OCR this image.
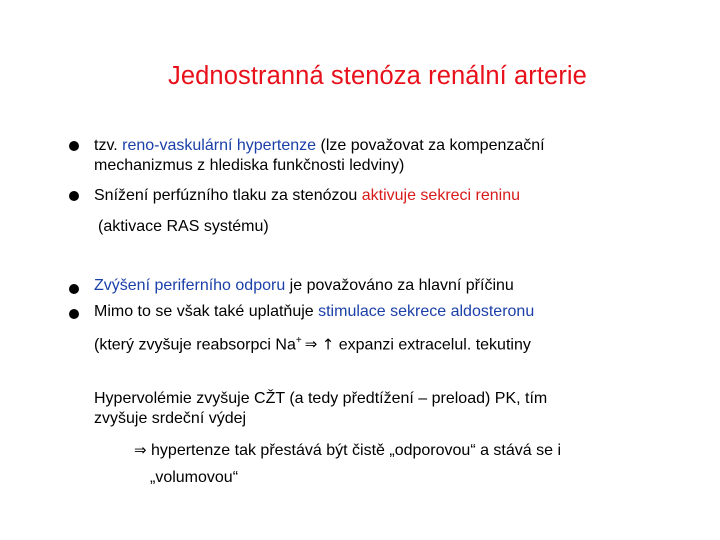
Jednostranná stenóza renální arterie
tzv. reno-vaskulární hypertenze (lze považovat za kompenzační
mechanizmus z hlediska funkčnosti ledviny)
Snížení perfúzního tlaku za stenózou aktivuje sekreci reninu
(aktivace RAS systému)
Zvýšení periferního odporu je považováno za hlavní příčinu
Mimo to se však také uplatňuje stimulace sekrece aldosteronu
(který zvyšuje reabsorpci Na+ ⇒ ↑ expanzi extracelul. tekutiny
Hypervolémie zvyšuje CŽT (a tedy předtížení – preload) PK, tím
zvyšuje srdeční výdej
⇒ hypertenze tak přestává být čistě „odporovou“ a stává se i
„volumovou“
